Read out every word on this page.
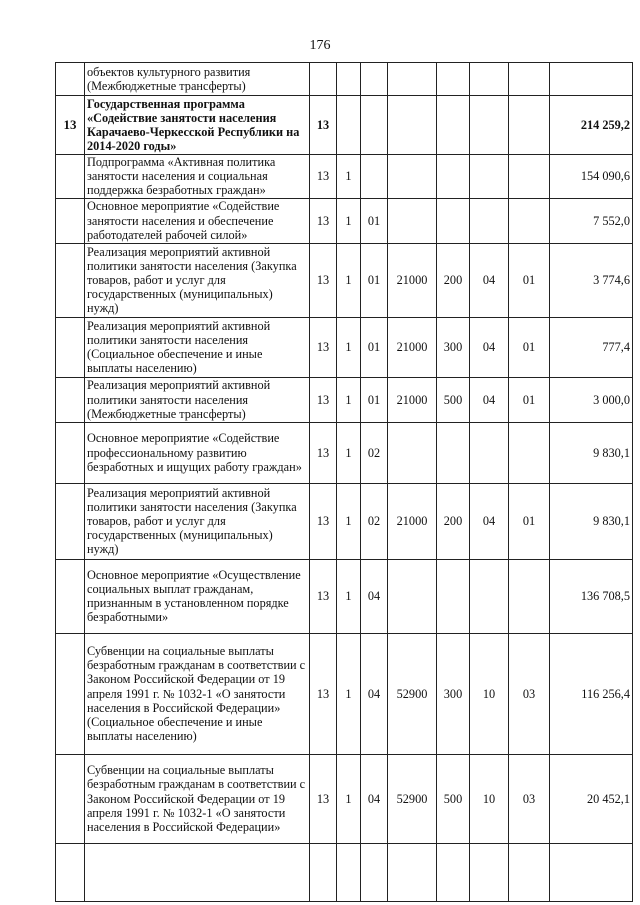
176

	объектов культурного развития (Межбюджетные трансферты)								

13	Государственная программа «Содействие занятости населения Карачаево-Черкесской Республики на 2014-2020 годы»	13							214 259,2

	Подпрограмма «Активная политика занятости населения и социальная поддержка безработных граждан»	13	1						154 090,6

	Основное мероприятие «Содействие занятости населения и обеспечение работодателей рабочей силой»	13	1	01					7 552,0

	Реализация мероприятий активной политики занятости населения (Закупка товаров, работ и услуг для государственных (муниципальных) нужд)	13	1	01	21000	200	04	01	3 774,6

	Реализация мероприятий активной политики занятости населения (Социальное обеспечение и иные выплаты населению)	13	1	01	21000	300	04	01	777,4

	Реализация мероприятий активной политики занятости населения (Межбюджетные трансферты)	13	1	01	21000	500	04	01	3 000,0

	Основное мероприятие «Содействие профессиональному развитию безработных и ищущих работу граждан»	13	1	02					9 830,1

	Реализация мероприятий активной политики занятости населения (Закупка товаров, работ и услуг для государственных (муниципальных) нужд)	13	1	02	21000	200	04	01	9 830,1

	Основное мероприятие «Осуществление социальных выплат гражданам, признанным в установленном порядке безработными»	13	1	04					136 708,5

	Субвенции на социальные выплаты безработным гражданам в соответствии с Законом Российской Федерации от 19 апреля 1991 г. № 1032-1 «О занятости населения в Российской Федерации» (Социальное обеспечение и иные выплаты населению)	13	1	04	52900	300	10	03	116 256,4

	Субвенции на социальные выплаты безработным гражданам в соответствии с Законом Российской Федерации от 19 апреля 1991 г. № 1032-1 «О занятости населения в Российской Федерации»	13	1	04	52900	500	10	03	20 452,1
